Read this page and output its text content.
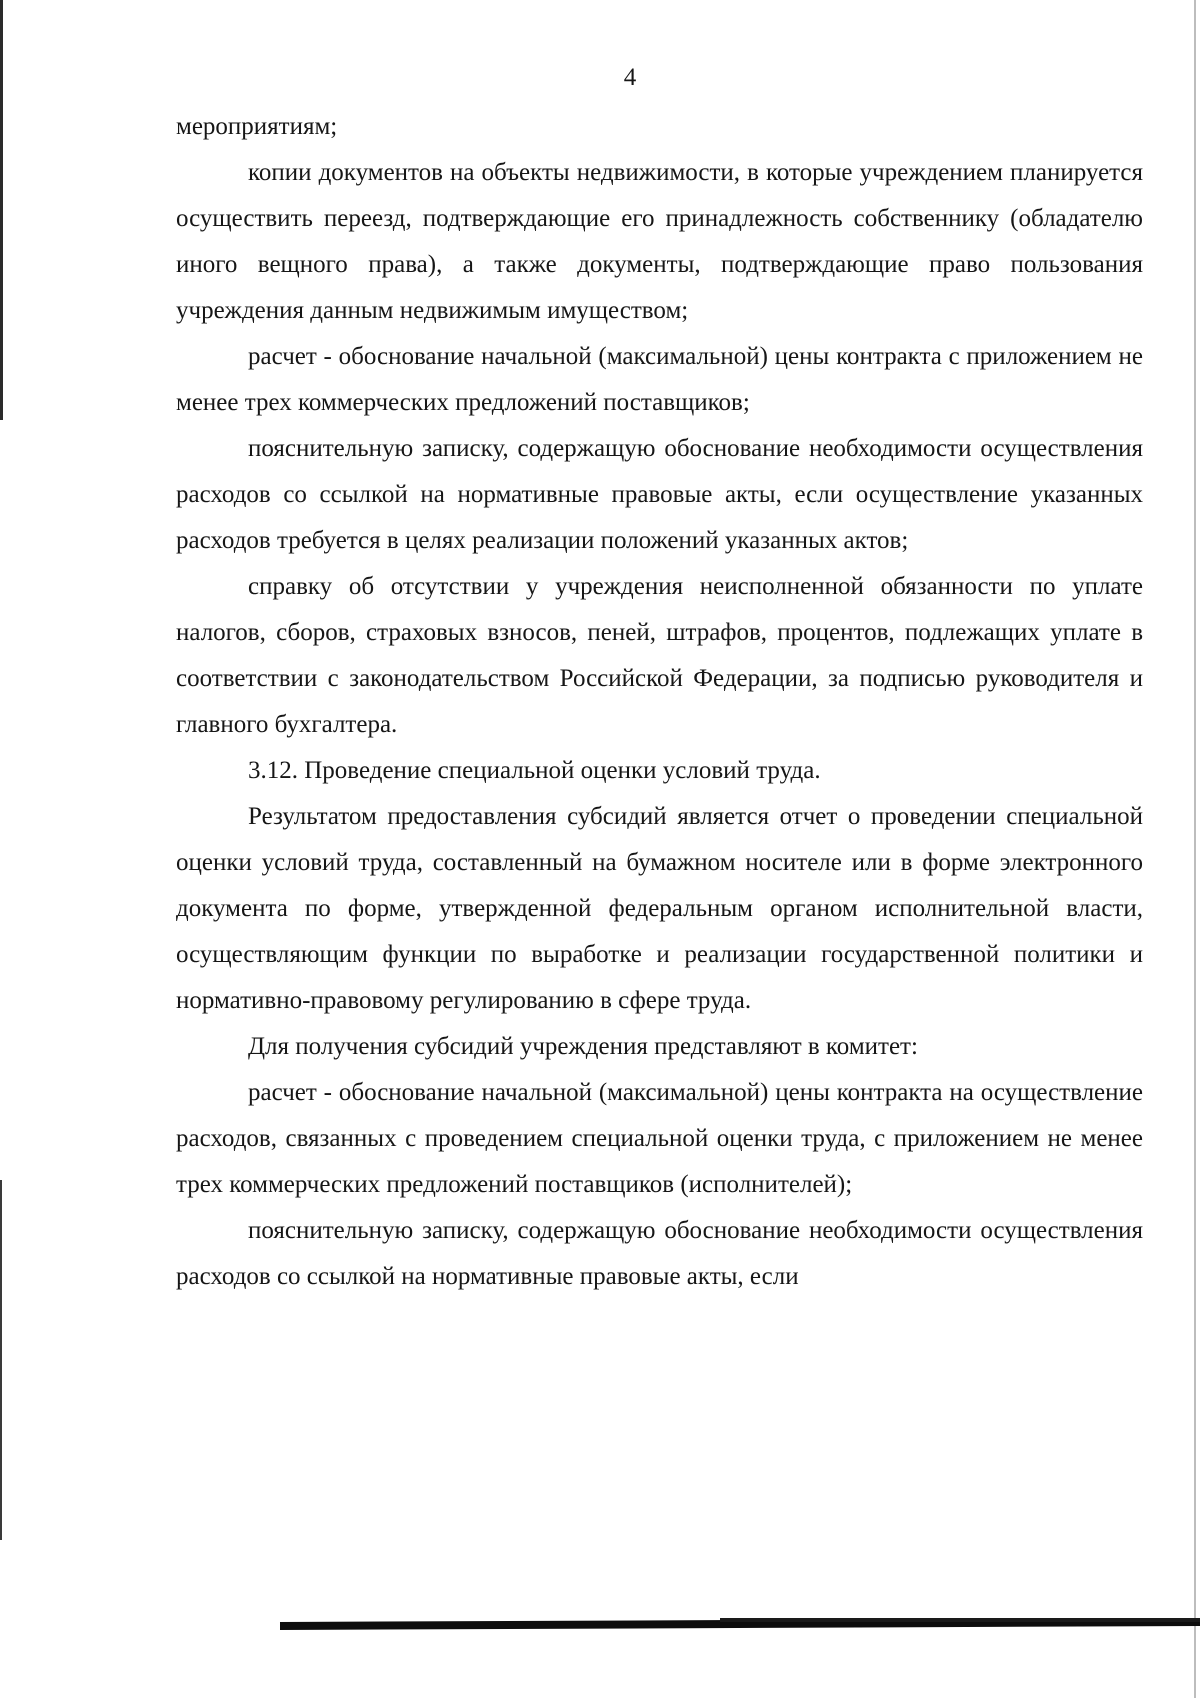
4

мероприятиям;

копии документов на объекты недвижимости, в которые учреждением планируется осуществить переезд, подтверждающие его принадлежность собственнику (обладателю иного вещного права), а также документы, подтверждающие право пользования учреждения данным недвижимым имуществом;

расчет - обоснование начальной (максимальной) цены контракта с приложением не менее трех коммерческих предложений поставщиков;

пояснительную записку, содержащую обоснование необходимости осуществления расходов со ссылкой на нормативные правовые акты, если осуществление указанных расходов требуется в целях реализации положений указанных актов;

справку об отсутствии у учреждения неисполненной обязанности по уплате налогов, сборов, страховых взносов, пеней, штрафов, процентов, подлежащих уплате в соответствии с законодательством Российской Федерации, за подписью руководителя и главного бухгалтера.

3.12. Проведение специальной оценки условий труда.

Результатом предоставления субсидий является отчет о проведении специальной оценки условий труда, составленный на бумажном носителе или в форме электронного документа по форме, утвержденной федеральным органом исполнительной власти, осуществляющим функции по выработке и реализации государственной политики и нормативно-правовому регулированию в сфере труда.

Для получения субсидий учреждения представляют в комитет:

расчет - обоснование начальной (максимальной) цены контракта на осуществление расходов, связанных с проведением специальной оценки труда, с приложением не менее трех коммерческих предложений поставщиков (исполнителей);

пояснительную записку, содержащую обоснование необходимости осуществления расходов со ссылкой на нормативные правовые акты, если
